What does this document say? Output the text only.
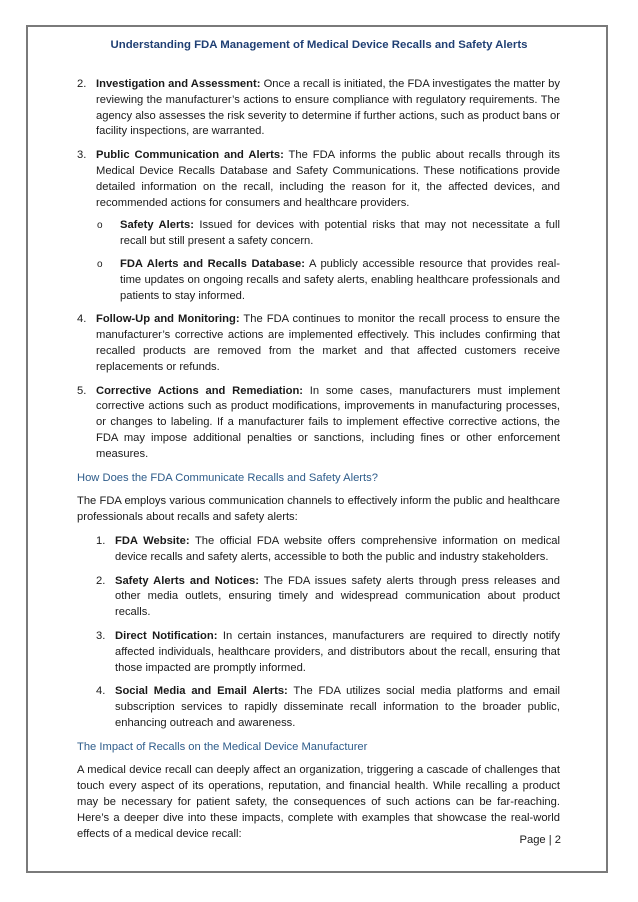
Understanding FDA Management of Medical Device Recalls and Safety Alerts
2. Investigation and Assessment: Once a recall is initiated, the FDA investigates the matter by reviewing the manufacturer’s actions to ensure compliance with regulatory requirements. The agency also assesses the risk severity to determine if further actions, such as product bans or facility inspections, are warranted.
3. Public Communication and Alerts: The FDA informs the public about recalls through its Medical Device Recalls Database and Safety Communications. These notifications provide detailed information on the recall, including the reason for it, the affected devices, and recommended actions for consumers and healthcare providers.
o Safety Alerts: Issued for devices with potential risks that may not necessitate a full recall but still present a safety concern.
o FDA Alerts and Recalls Database: A publicly accessible resource that provides real-time updates on ongoing recalls and safety alerts, enabling healthcare professionals and patients to stay informed.
4. Follow-Up and Monitoring: The FDA continues to monitor the recall process to ensure the manufacturer’s corrective actions are implemented effectively. This includes confirming that recalled products are removed from the market and that affected customers receive replacements or refunds.
5. Corrective Actions and Remediation: In some cases, manufacturers must implement corrective actions such as product modifications, improvements in manufacturing processes, or changes to labeling. If a manufacturer fails to implement effective corrective actions, the FDA may impose additional penalties or sanctions, including fines or other enforcement measures.
How Does the FDA Communicate Recalls and Safety Alerts?

The FDA employs various communication channels to effectively inform the public and healthcare professionals about recalls and safety alerts:

1. FDA Website: The official FDA website offers comprehensive information on medical device recalls and safety alerts, accessible to both the public and industry stakeholders.
2. Safety Alerts and Notices: The FDA issues safety alerts through press releases and other media outlets, ensuring timely and widespread communication about product recalls.
3. Direct Notification: In certain instances, manufacturers are required to directly notify affected individuals, healthcare providers, and distributors about the recall, ensuring that those impacted are promptly informed.
4. Social Media and Email Alerts: The FDA utilizes social media platforms and email subscription services to rapidly disseminate recall information to the broader public, enhancing outreach and awareness.
The Impact of Recalls on the Medical Device Manufacturer

A medical device recall can deeply affect an organization, triggering a cascade of challenges that touch every aspect of its operations, reputation, and financial health. While recalling a product may be necessary for patient safety, the consequences of such actions can be far-reaching. Here’s a deeper dive into these impacts, complete with examples that showcase the real-world effects of a medical device recall:

Page | 2
